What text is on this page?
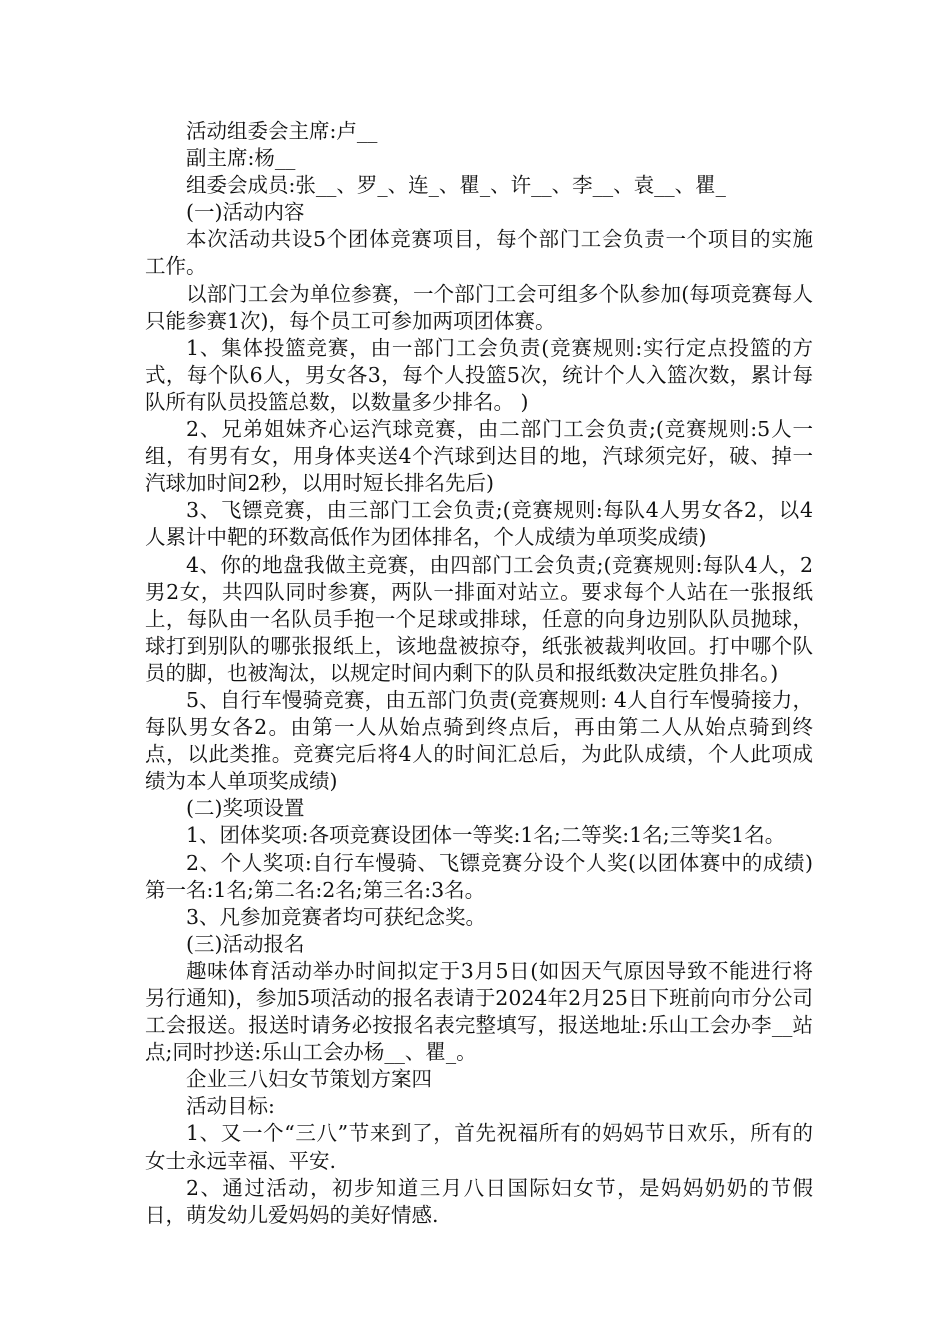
活动组委会主席:卢__

副主席:杨__

组委会成员:张__、罗_、连_、瞿_、许__、李__、袁__、瞿_

(一)活动内容

本次活动共设5个团体竞赛项目，每个部门工会负责一个项目的实施工作。

以部门工会为单位参赛，一个部门工会可组多个队参加(每项竞赛每人只能参赛1次)，每个员工可参加两项团体赛。

1、集体投篮竞赛，由一部门工会负责(竞赛规则:实行定点投篮的方式，每个队6人，男女各3，每个人投篮5次，统计个人入篮次数，累计每队所有队员投篮总数，以数量多少排名。 )

2、兄弟姐妹齐心运汽球竞赛，由二部门工会负责;(竞赛规则:5人一组，有男有女，用身体夹送4个汽球到达目的地，汽球须完好，破、掉一汽球加时间2秒，以用时短长排名先后)

3、飞镖竞赛，由三部门工会负责;(竞赛规则:每队4人男女各2，以4人累计中靶的环数高低作为团体排名，个人成绩为单项奖成绩)

4、你的地盘我做主竞赛，由四部门工会负责;(竞赛规则:每队4人，2男2女，共四队同时参赛，两队一排面对站立。要求每个人站在一张报纸上，每队由一名队员手抱一个足球或排球，任意的向身边别队队员抛球，球打到别队的哪张报纸上，该地盘被掠夺，纸张被裁判收回。打中哪个队员的脚，也被淘汰，以规定时间内剩下的队员和报纸数决定胜负排名。)

5、自行车慢骑竞赛，由五部门负责(竞赛规则: 4人自行车慢骑接力，每队男女各2。由第一人从始点骑到终点后，再由第二人从始点骑到终点，以此类推。竞赛完后将4人的时间汇总后，为此队成绩，个人此项成绩为本人单项奖成绩)

(二)奖项设置

1、团体奖项:各项竞赛设团体一等奖:1名;二等奖:1名;三等奖1名。

2、个人奖项:自行车慢骑、飞镖竞赛分设个人奖(以团体赛中的成绩)第一名:1名;第二名:2名;第三名:3名。

3、凡参加竞赛者均可获纪念奖。

(三)活动报名

趣味体育活动举办时间拟定于3月5日(如因天气原因导致不能进行将另行通知)，参加5项活动的报名表请于2024年2月25日下班前向市分公司工会报送。报送时请务必按报名表完整填写，报送地址:乐山工会办李__站点;同时抄送:乐山工会办杨__、瞿_。

企业三八妇女节策划方案四

活动目标:

1、又一个“三八”节来到了，首先祝福所有的妈妈节日欢乐，所有的女士永远幸福、平安.

2、通过活动，初步知道三月八日国际妇女节，是妈妈奶奶的节假日，萌发幼儿爱妈妈的美好情感.
